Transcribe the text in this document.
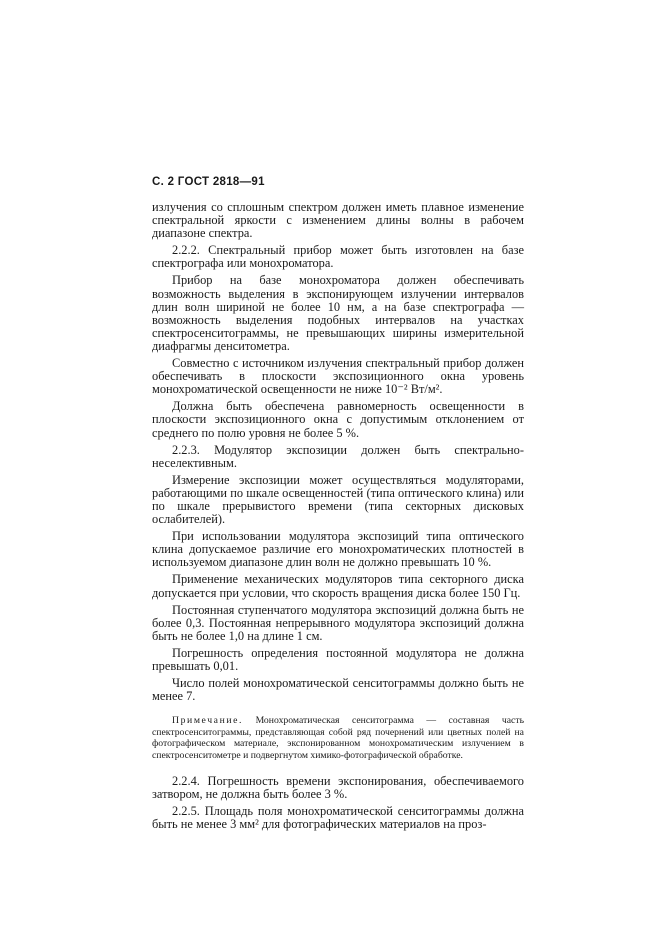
С. 2 ГОСТ 2818—91

излучения со сплошным спектром должен иметь плавное изменение спектральной яркости с изменением длины волны в рабочем диапазоне спектра.

2.2.2. Спектральный прибор может быть изготовлен на базе спектрографа или монохроматора.

Прибор на базе монохроматора должен обеспечивать возможность выделения в экспонирующем излучении интервалов длин волн шириной не более 10 нм, а на базе спектрографа — возможность выделения подобных интервалов на участках спектросенситограммы, не превышающих ширины измерительной диафрагмы денситометра.

Совместно с источником излучения спектральный прибор должен обеспечивать в плоскости экспозиционного окна уровень монохроматической освещенности не ниже 10⁻² Вт/м².

Должна быть обеспечена равномерность освещенности в плоскости экспозиционного окна с допустимым отклонением от среднего по полю уровня не более 5 %.

2.2.3. Модулятор экспозиции должен быть спектрально-неселективным.

Измерение экспозиции может осуществляться модуляторами, работающими по шкале освещенностей (типа оптического клина) или по шкале прерывистого времени (типа секторных дисковых ослабителей).

При использовании модулятора экспозиций типа оптического клина допускаемое различие его монохроматических плотностей в используемом диапазоне длин волн не должно превышать 10 %.

Применение механических модуляторов типа секторного диска допускается при условии, что скорость вращения диска более 150 Гц.

Постоянная ступенчатого модулятора экспозиций должна быть не более 0,3. Постоянная непрерывного модулятора экспозиций должна быть не более 1,0 на длине 1 см.

Погрешность определения постоянной модулятора не должна превышать 0,01.

Число полей монохроматической сенситограммы должно быть не менее 7.

Примечание. Монохроматическая сенситограмма — составная часть спектросенситограммы, представляющая собой ряд почернений или цветных полей на фотографическом материале, экспонированном монохроматическим излучением в спектросенситометре и подвергнутом химико-фотографической обработке.

2.2.4. Погрешность времени экспонирования, обеспечиваемого затвором, не должна быть более 3 %.

2.2.5. Площадь поля монохроматической сенситограммы должна быть не менее 3 мм² для фотографических материалов на проз-
